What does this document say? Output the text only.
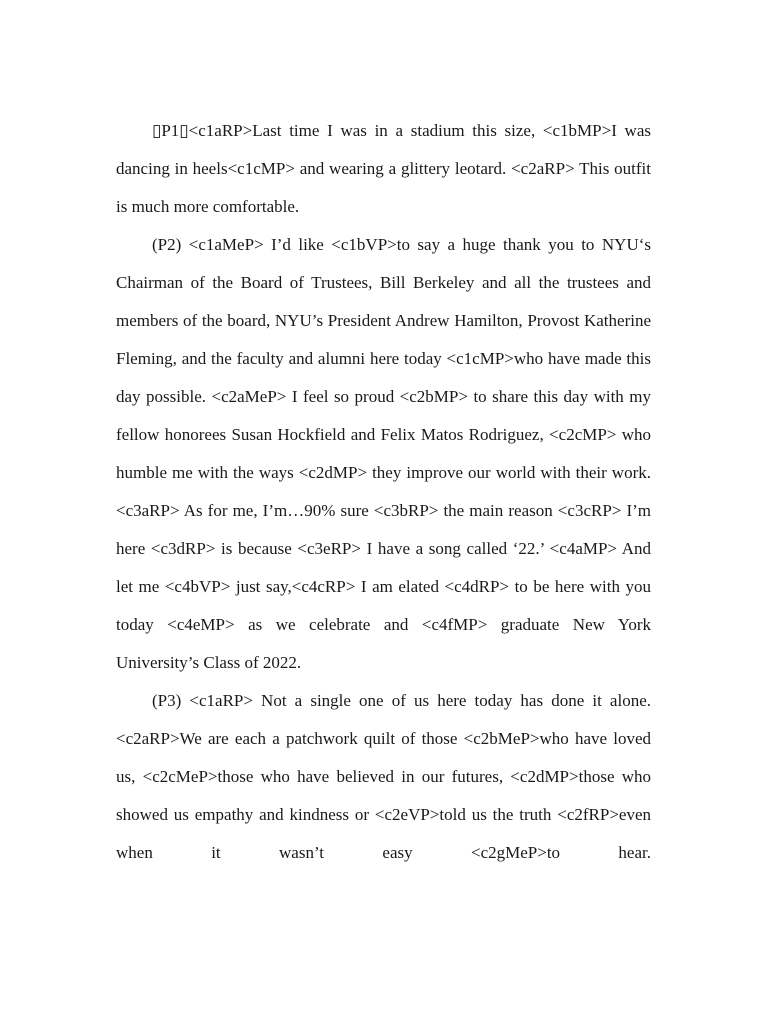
▯P1▯<c1aRP>Last time I was in a stadium this size, <c1bMP>I was dancing in heels<c1cMP> and wearing a glittery leotard. <c2aRP> This outfit is much more comfortable.

(P2) <c1aMeP> I’d like <c1bVP>to say a huge thank you to NYU‘s Chairman of the Board of Trustees, Bill Berkeley and all the trustees and members of the board, NYU’s President Andrew Hamilton, Provost Katherine Fleming, and the faculty and alumni here today <c1cMP>who have made this day possible. <c2aMeP> I feel so proud <c2bMP> to share this day with my fellow honorees Susan Hockfield and Felix Matos Rodriguez, <c2cMP> who humble me with the ways <c2dMP> they improve our world with their work. <c3aRP> As for me, I’m…90% sure <c3bRP> the main reason <c3cRP> I’m here <c3dRP> is because <c3eRP> I have a song called ‘22.’ <c4aMP> And let me <c4bVP> just say,<c4cRP> I am elated <c4dRP> to be here with you today <c4eMP> as we celebrate and <c4fMP> graduate New York University’s Class of 2022.

(P3) <c1aRP> Not a single one of us here today has done it alone. <c2aRP>We are each a patchwork quilt of those <c2bMeP>who have loved us, <c2cMeP>those who have believed in our futures, <c2dMP>those who showed us empathy and kindness or <c2eVP>told us the truth <c2fRP>even when it wasn’t easy <c2gMeP>to hear.
